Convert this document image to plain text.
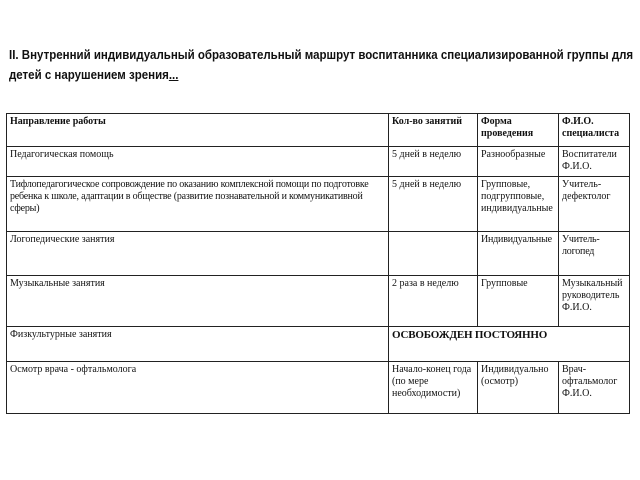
II. Внутренний индивидуальный образовательный маршрут воспитанника специализированной группы для
детей с нарушением зрения...
Направление работы	Кол-во занятий	Форма проведения	Ф.И.О. специалиста
Педагогическая помощь	5 дней в неделю	Разнообразные	Воспитатели Ф.И.О.
Тифлопедагогическое сопровождение по оказанию комплексной помощи по подготовке ребенка к школе, адаптации в обществе (развитие познавательной и коммуникативной сферы)	5 дней в неделю	Групповые, подгрупповые, индивидуальные	Учитель-дефектолог
Логопедические занятия		Индивидуальные	Учитель-логопед
Музыкальные занятия	2 раза в неделю	Групповые	Музыкальный руководитель Ф.И.О.
Физкультурные занятия	ОСВОБОЖДЕН ПОСТОЯННО		
Осмотр врача - офтальмолога	Начало-конец года (по мере необходимости)	Индивидуально (осмотр)	Врач-офтальмолог Ф.И.О.
